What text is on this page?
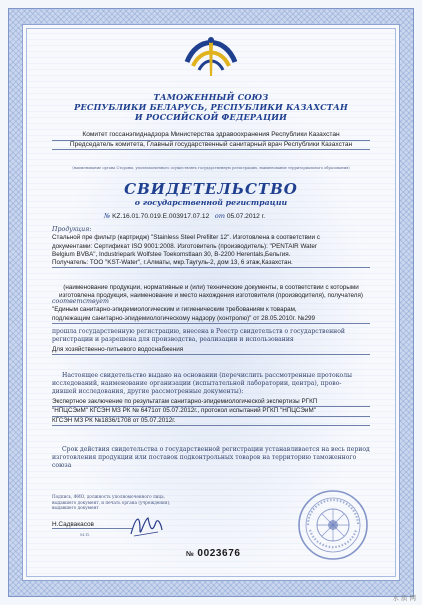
ТАМОЖЕННЫЙ СОЮЗ
РЕСПУБЛИКИ БЕЛАРУСЬ, РЕСПУБЛИКИ КАЗАХСТАН
И РОССИЙСКОЙ ФЕДЕРАЦИИ
Комитет госсанэпиднадзора Министерства здравоохранения Республики Казахстан
Председатель комитета, Главный государственный санитарный врач Республики Казахстан
(наименование органа Стороны, уполномоченного осуществлять государственную регистрацию, наименование территориального образования)
СВИДЕТЕЛЬСТВО
о государственной регистрации
№ KZ.16.01.70.019.Е.003917.07.12 от 05.07.2012 г.
Продукция:
Стальной пре фильтр (картридж) "Stainless Steel Prefilter 12". Изготовлена в соответствии с
документами: Сертификат ISO 9001:2008. Изготовитель (производитель): "PENTAIR Water
Belgium BVBA", Industriepark Wolfstee Toekomstlaan 30, B-2200 Herentals,Бельгия.
Получатель: ТОО "KST-Water", г.Алматы, мкр.Таугуль-2, дом 13, 6 этаж,Казахстан.
(наименование продукции, нормативные и (или) технические документы, в соответствии с которыми изготовлена продукция, наименование и место нахождения изготовителя (производителя), получателя)
соответствует
"Единым санитарно-эпидемиологическим и гигиеническим требованиям к товарам,
подлежащим санитарно-эпидемиологическому надзору (контролю)" от 28.05.2010г. №299
прошла государственную регистрацию, внесена в Реестр свидетельств о государственной
регистрации и разрешена для производства, реализации и использования
Для хозяйственно-питьевого водоснабжения
Настоящее свидетельство выдано на основании (перечислить рассмотренные протоколы
исследований, наименование организации (испытательной лаборатории, центра), прово-
дившей исследования, другие рассмотренные документы):
Экспертное заключение по результатам санитарно-эпидемиологической экспертизы РГКП
"НПЦСЭиМ" КГСЭН МЗ РК № 6471от 05.07.2012г., протокол испытаний РГКП "НПЦСЭиМ"
КГСЭН МЗ РК №1836/1708 от 05.07.2012г.
Срок действия свидетельства о государственной регистрации устанавливается на весь период
изготовления продукции или поставок подконтрольных товаров на территорию таможенного
союза
Подпись, ФИО, должность уполномоченного лица,
выдавшего документ, и печать органа (учреждения),
выдавшего документ
Н.Садвакасов
М.П.
№ 0023676
水 质 网
